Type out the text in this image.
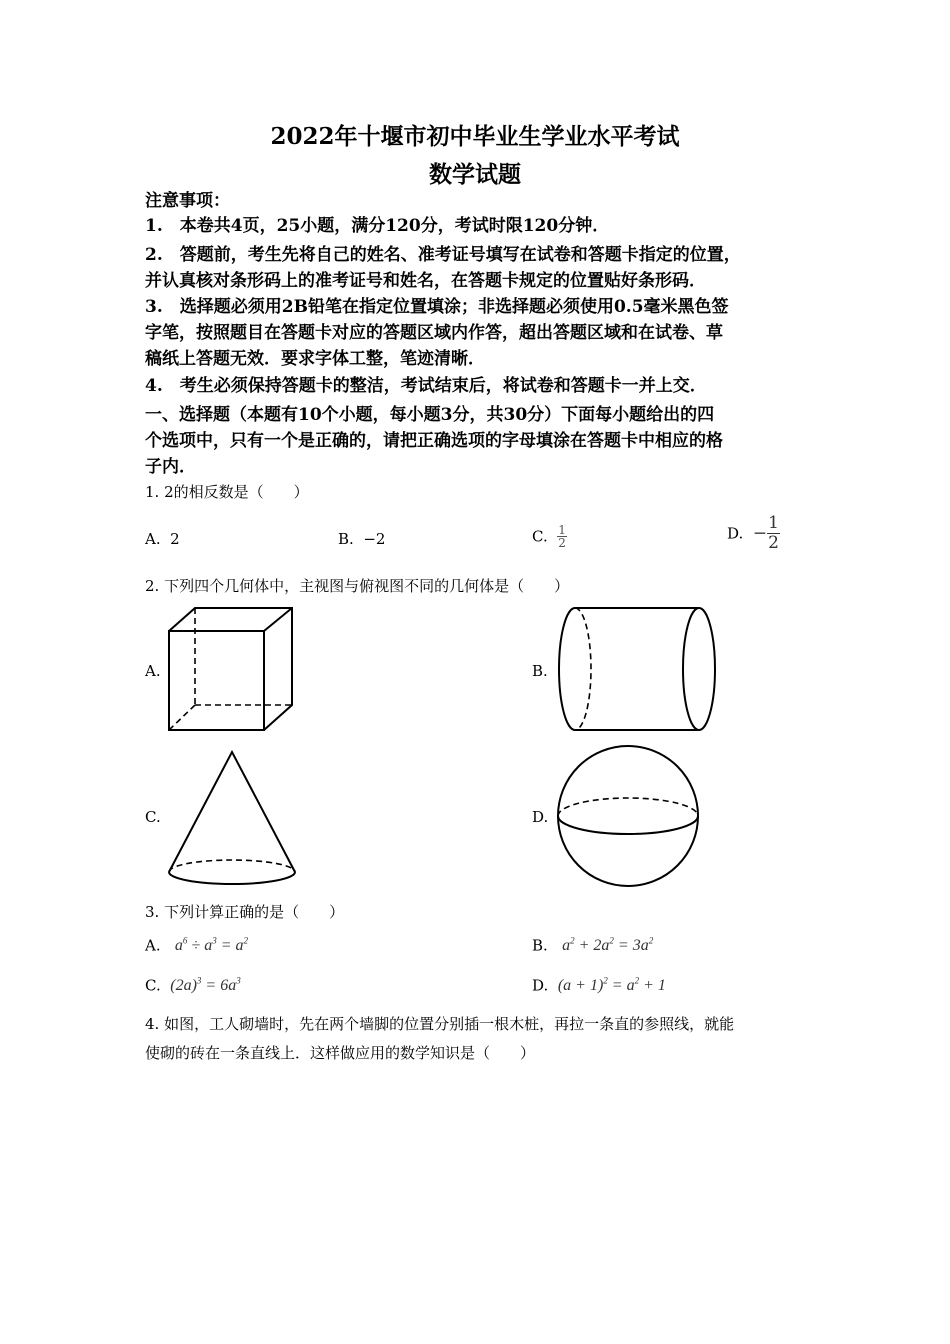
2022年十堰市初中毕业生学业水平考试
数学试题
注意事项：
1.　本卷共4页，25小题，满分120分，考试时限120分钟．
2.　答题前，考生先将自己的姓名、准考证号填写在试卷和答题卡指定的位置，
并认真核对条形码上的准考证号和姓名，在答题卡规定的位置贴好条形码．
3.　选择题必须用2B铅笔在指定位置填涂；非选择题必须使用0.5毫米黑色签
字笔，按照题目在答题卡对应的答题区域内作答，超出答题区域和在试卷、草
稿纸上答题无效．要求字体工整，笔迹清晰．
4.　考生必须保持答题卡的整洁，考试结束后，将试卷和答题卡一并上交．
一、选择题（本题有10个小题，每小题3分，共30分）下面每小题给出的四
个选项中，只有一个是正确的，请把正确选项的字母填涂在答题卡中相应的格
子内．
1. 2的相反数是（　　）
A. 2	B. −2	C. $\frac{1}{2}$	D. − $\frac{1}{2}$
2. 下列四个几何体中，主视图与俯视图不同的几何体是（　　）
A.	B.
C.	D.
3. 下列计算正确的是（　　）
A. $a^6 \div a^3 = a^2$	B. $a^2 + 2a^2 = 3a^2$
C. $(2a)^3 = 6a^3$	D. $(a + 1)^2 = a^2 + 1$
4. 如图，工人砌墙时，先在两个墙脚的位置分别插一根木桩，再拉一条直的参照线，就能
使砌的砖在一条直线上．这样做应用的数学知识是（　　）
